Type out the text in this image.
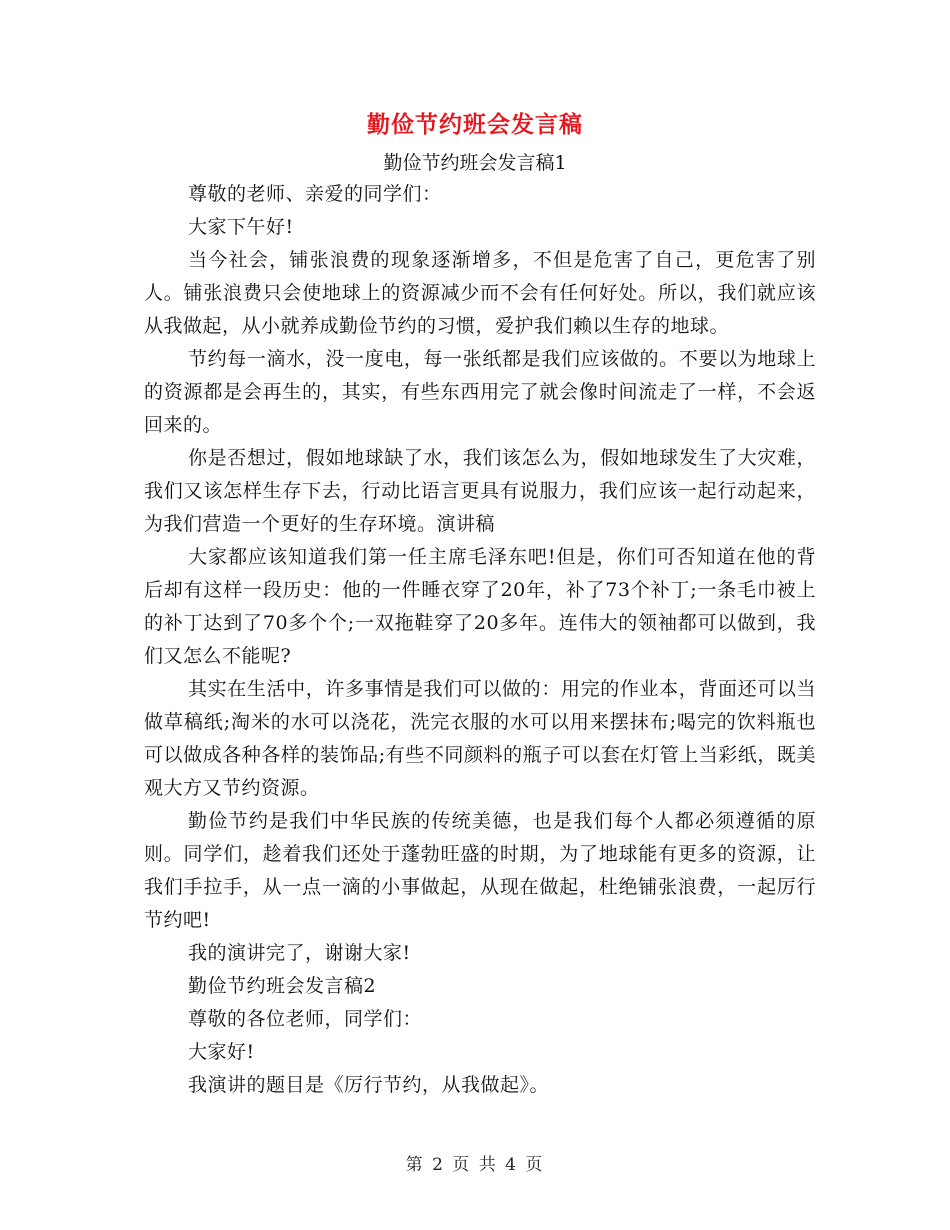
勤俭节约班会发言稿
勤俭节约班会发言稿1

尊敬的老师、亲爱的同学们：

大家下午好!

当今社会，铺张浪费的现象逐渐增多，不但是危害了自己，更危害了别人。铺张浪费只会使地球上的资源减少而不会有任何好处。所以，我们就应该从我做起，从小就养成勤俭节约的习惯，爱护我们赖以生存的地球。

节约每一滴水，没一度电，每一张纸都是我们应该做的。不要以为地球上的资源都是会再生的，其实，有些东西用完了就会像时间流走了一样，不会返回来的。

你是否想过，假如地球缺了水，我们该怎么为，假如地球发生了大灾难，我们又该怎样生存下去，行动比语言更具有说服力，我们应该一起行动起来，为我们营造一个更好的生存环境。演讲稿

大家都应该知道我们第一任主席毛泽东吧!但是，你们可否知道在他的背后却有这样一段历史：他的一件睡衣穿了20年，补了73个补丁;一条毛巾被上的补丁达到了70多个个;一双拖鞋穿了20多年。连伟大的领袖都可以做到，我们又怎么不能呢?

其实在生活中，许多事情是我们可以做的：用完的作业本，背面还可以当做草稿纸;淘米的水可以浇花，洗完衣服的水可以用来摆抹布;喝完的饮料瓶也可以做成各种各样的装饰品;有些不同颜料的瓶子可以套在灯管上当彩纸，既美观大方又节约资源。

勤俭节约是我们中华民族的传统美德，也是我们每个人都必须遵循的原则。同学们，趁着我们还处于蓬勃旺盛的时期，为了地球能有更多的资源，让我们手拉手，从一点一滴的小事做起，从现在做起，杜绝铺张浪费，一起厉行节约吧!

我的演讲完了，谢谢大家!

勤俭节约班会发言稿2

尊敬的各位老师，同学们：

大家好!

我演讲的题目是《厉行节约，从我做起》。

第 2 页 共 4 页
